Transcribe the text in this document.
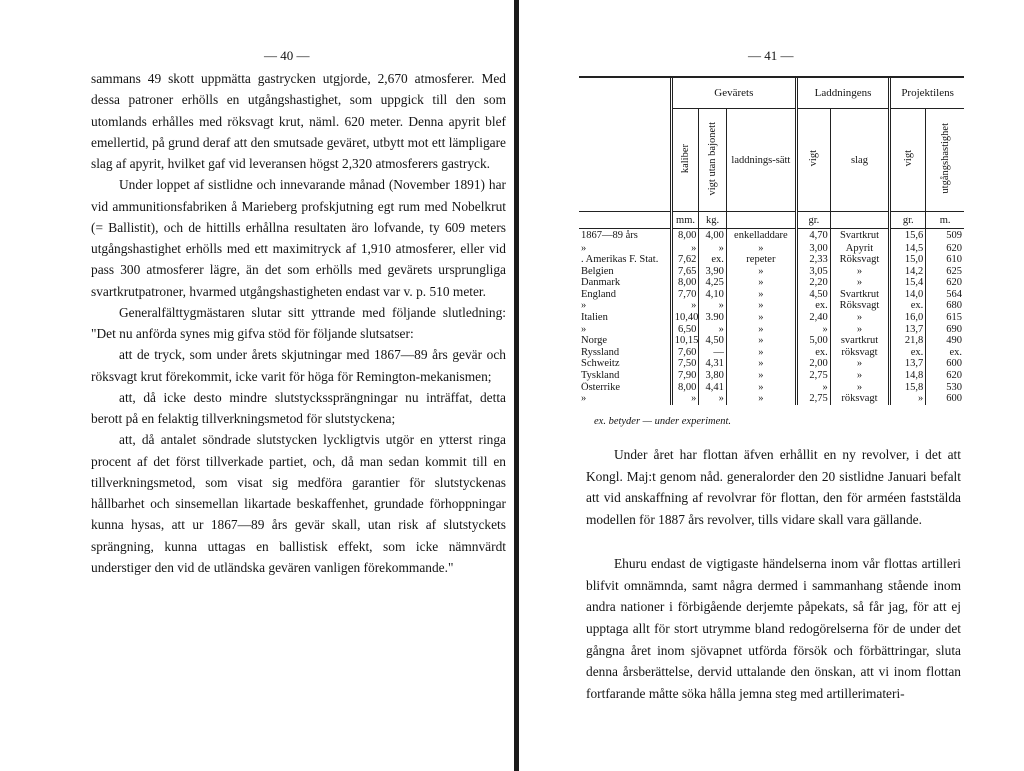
— 40 —

sammans 49 skott uppmätta gastrycken utgjorde, 2,670 atmosferer. Med dessa patroner erhölls en utgångshastighet, som uppgick till den som utomlands erhålles med röksvagt krut, näml. 620 meter. Denna apyrit blef emellertid, på grund deraf att den smutsade geväret, utbytt mot ett lämpligare slag af apyrit, hvilket gaf vid leveransen högst 2,320 atmosferers gastryck.

Under loppet af sistlidne och innevarande månad (November 1891) har vid ammunitionsfabriken å Marieberg profskjutning egt rum med Nobelkrut (= Ballistit), och de hittills erhållna resultaten äro lofvande, ty 609 meters utgångshastighet erhölls med ett maximitryck af 1,910 atmosferer, eller vid pass 300 atmosferer lägre, än det som erhölls med gevärets ursprungliga svartkrutpatroner, hvarmed utgångshastigheten endast var v. p. 510 meter.

Generalfälttygmästaren slutar sitt yttrande med följande slutledning: "Det nu anförda synes mig gifva stöd för följande slutsatser:

att de tryck, som under årets skjutningar med 1867—89 års gevär och röksvagt krut förekommit, icke varit för höga för Remington-mekanismen;

att, då icke desto mindre slutstyckssprängningar nu inträffat, detta berott på en felaktig tillverkningsmetod för slutstyckena;

att, då antalet söndrade slutstycken lyckligtvis utgör en ytterst ringa procent af det först tillverkade partiet, och, då man sedan kommit till en tillverkningsmetod, som visat sig medföra garantier för slutstyckenas hållbarhet och sinsemellan likartade beskaffenhet, grundade förhoppningar kunna hysas, att ur 1867—89 års gevär skall, utan risk af slutstyckets sprängning, kunna uttagas en ballistisk effekt, som icke nämnvärdt understiger den vid de utländska gevären vanligen förekommande."

— 41 —
	Gevärets			Laddningens		Projektilens	
	kaliber	vigt utan bajonett	laddnings-sätt	vigt	slag	vigt	utgångshastighet
	mm.	kg.		gr.		gr.	m.
1867—89 års	8,00	4,00	enkelladdare	4,70	Svartkrut	15,6	509
»	»	»	»	3,00	Apyrit	14,5	620
. Amerikas F. Stat.	7,62	ex.	repeter	2,33	Röksvagt	15,0	610
Belgien	7,65	3,90	»	3,05	»	14,2	625
Danmark	8,00	4,25	»	2,20	»	15,4	620
England	7,70	4,10	»	4,50	Svartkrut	14,0	564
»	»	»	»	ex.	Röksvagt	ex.	680
Italien	10,40	3.90	»	2,40	»	16,0	615
»	6,50	»	»	»	»	13,7	690
Norge	10,15	4,50	»	5,00	svartkrut	21,8	490
Ryssland	7,60	—	»	ex.	röksvagt	ex.	ex.
Schweitz	7,50	4,31	»	2,00	»	13,7	600
Tyskland	7,90	3,80	»	2,75	»	14,8	620
Österrike	8,00	4,41	»	»	»	15,8	530
»	»	»	»	2,75	röksvagt	»	600
ex. betyder — under experiment.

Under året har flottan äfven erhållit en ny revolver, i det att Kongl. Maj:t genom nåd. generalorder den 20 sistlidne Januari befalt att vid anskaffning af revolvrar för flottan, den för arméen faststälda modellen för 1887 års revolver, tills vidare skall vara gällande.

Ehuru endast de vigtigaste händelserna inom vår flottas artilleri blifvit omnämnda, samt några dermed i sammanhang stående inom andra nationer i förbigående derjemte påpekats, så får jag, för att ej upptaga allt för stort utrymme bland redogörelserna för de under det gångna året inom sjövapnet utförda försök och förbättringar, sluta denna årsberättelse, dervid uttalande den önskan, att vi inom flottan fortfarande måtte söka hålla jemna steg med artillerimateri-
